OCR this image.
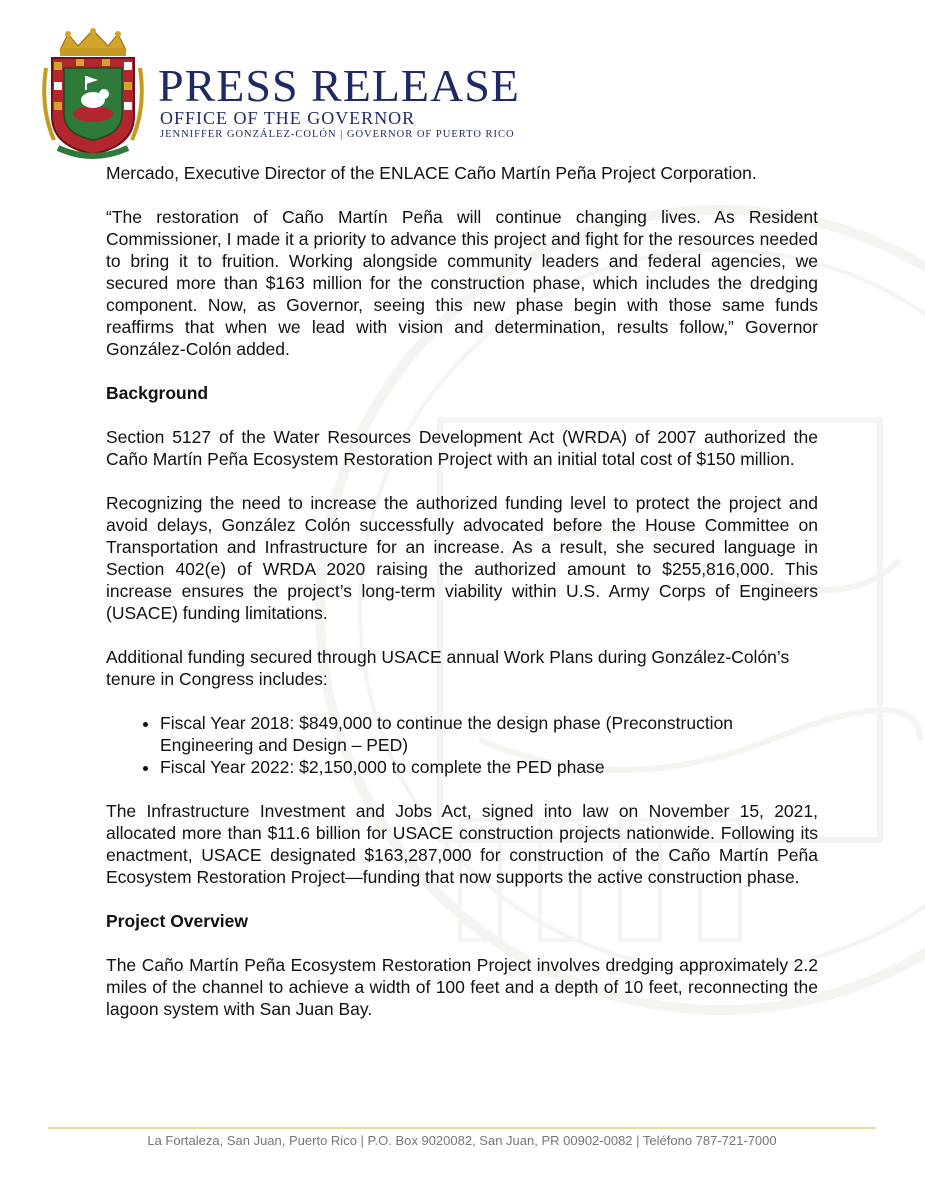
PRESS RELEASE
OFFICE OF THE GOVERNOR
JENNIFFER GONZÁLEZ-COLÓN | GOVERNOR OF PUERTO RICO

Mercado, Executive Director of the ENLACE Caño Martín Peña Project Corporation.

“The restoration of Caño Martín Peña will continue changing lives. As Resident Commissioner, I made it a priority to advance this project and fight for the resources needed to bring it to fruition. Working alongside community leaders and federal agencies, we secured more than $163 million for the construction phase, which includes the dredging component. Now, as Governor, seeing this new phase begin with those same funds reaffirms that when we lead with vision and determination, results follow,” Governor González-Colón added.

Background

Section 5127 of the Water Resources Development Act (WRDA) of 2007 authorized the Caño Martín Peña Ecosystem Restoration Project with an initial total cost of $150 million.

Recognizing the need to increase the authorized funding level to protect the project and avoid delays, González Colón successfully advocated before the House Committee on Transportation and Infrastructure for an increase. As a result, she secured language in Section 402(e) of WRDA 2020 raising the authorized amount to $255,816,000. This increase ensures the project’s long-term viability within U.S. Army Corps of Engineers (USACE) funding limitations.

Additional funding secured through USACE annual Work Plans during González-Colón’s tenure in Congress includes:

• Fiscal Year 2018: $849,000 to continue the design phase (Preconstruction Engineering and Design – PED)
• Fiscal Year 2022: $2,150,000 to complete the PED phase

The Infrastructure Investment and Jobs Act, signed into law on November 15, 2021, allocated more than $11.6 billion for USACE construction projects nationwide. Following its enactment, USACE designated $163,287,000 for construction of the Caño Martín Peña Ecosystem Restoration Project—funding that now supports the active construction phase.

Project Overview

The Caño Martín Peña Ecosystem Restoration Project involves dredging approximately 2.2 miles of the channel to achieve a width of 100 feet and a depth of 10 feet, reconnecting the lagoon system with San Juan Bay.

La Fortaleza, San Juan, Puerto Rico | P.O. Box 9020082, San Juan, PR 00902-0082 | Teléfono 787-721-7000
